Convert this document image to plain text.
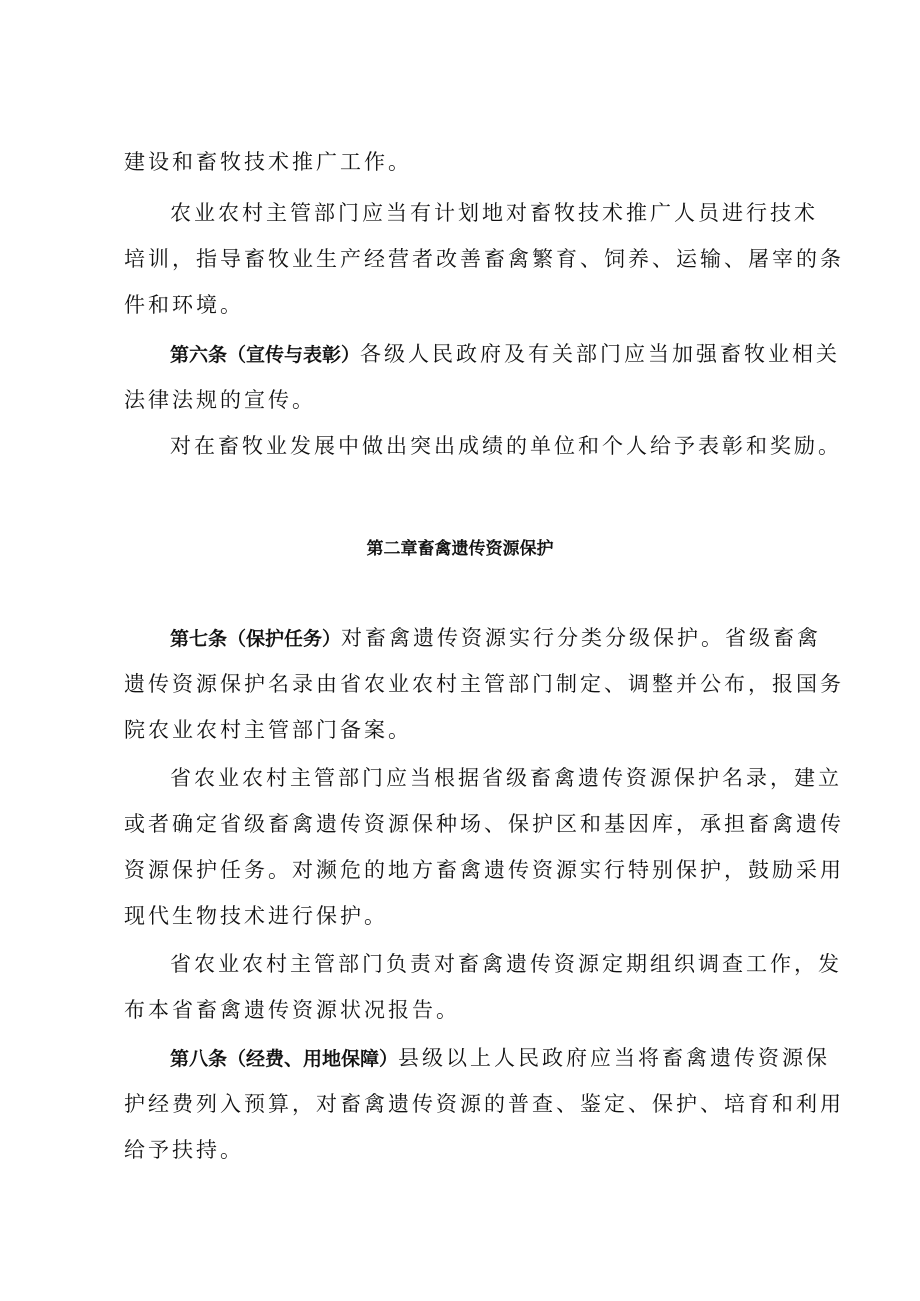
建设和畜牧技术推广工作。
农业农村主管部门应当有计划地对畜牧技术推广人员进行技术
培训，指导畜牧业生产经营者改善畜禽繁育、饲养、运输、屠宰的条
件和环境。
第六条（宣传与表彰）各级人民政府及有关部门应当加强畜牧业相关
法律法规的宣传。
对在畜牧业发展中做出突出成绩的单位和个人给予表彰和奖励。
第二章畜禽遗传资源保护
第七条（保护任务）对畜禽遗传资源实行分类分级保护。省级畜禽
遗传资源保护名录由省农业农村主管部门制定、调整并公布，报国务
院农业农村主管部门备案。
省农业农村主管部门应当根据省级畜禽遗传资源保护名录，建立
或者确定省级畜禽遗传资源保种场、保护区和基因库，承担畜禽遗传
资源保护任务。对濒危的地方畜禽遗传资源实行特别保护，鼓励采用
现代生物技术进行保护。
省农业农村主管部门负责对畜禽遗传资源定期组织调查工作，发
布本省畜禽遗传资源状况报告。
第八条（经费、用地保障）县级以上人民政府应当将畜禽遗传资源保
护经费列入预算，对畜禽遗传资源的普查、鉴定、保护、培育和利用
给予扶持。
